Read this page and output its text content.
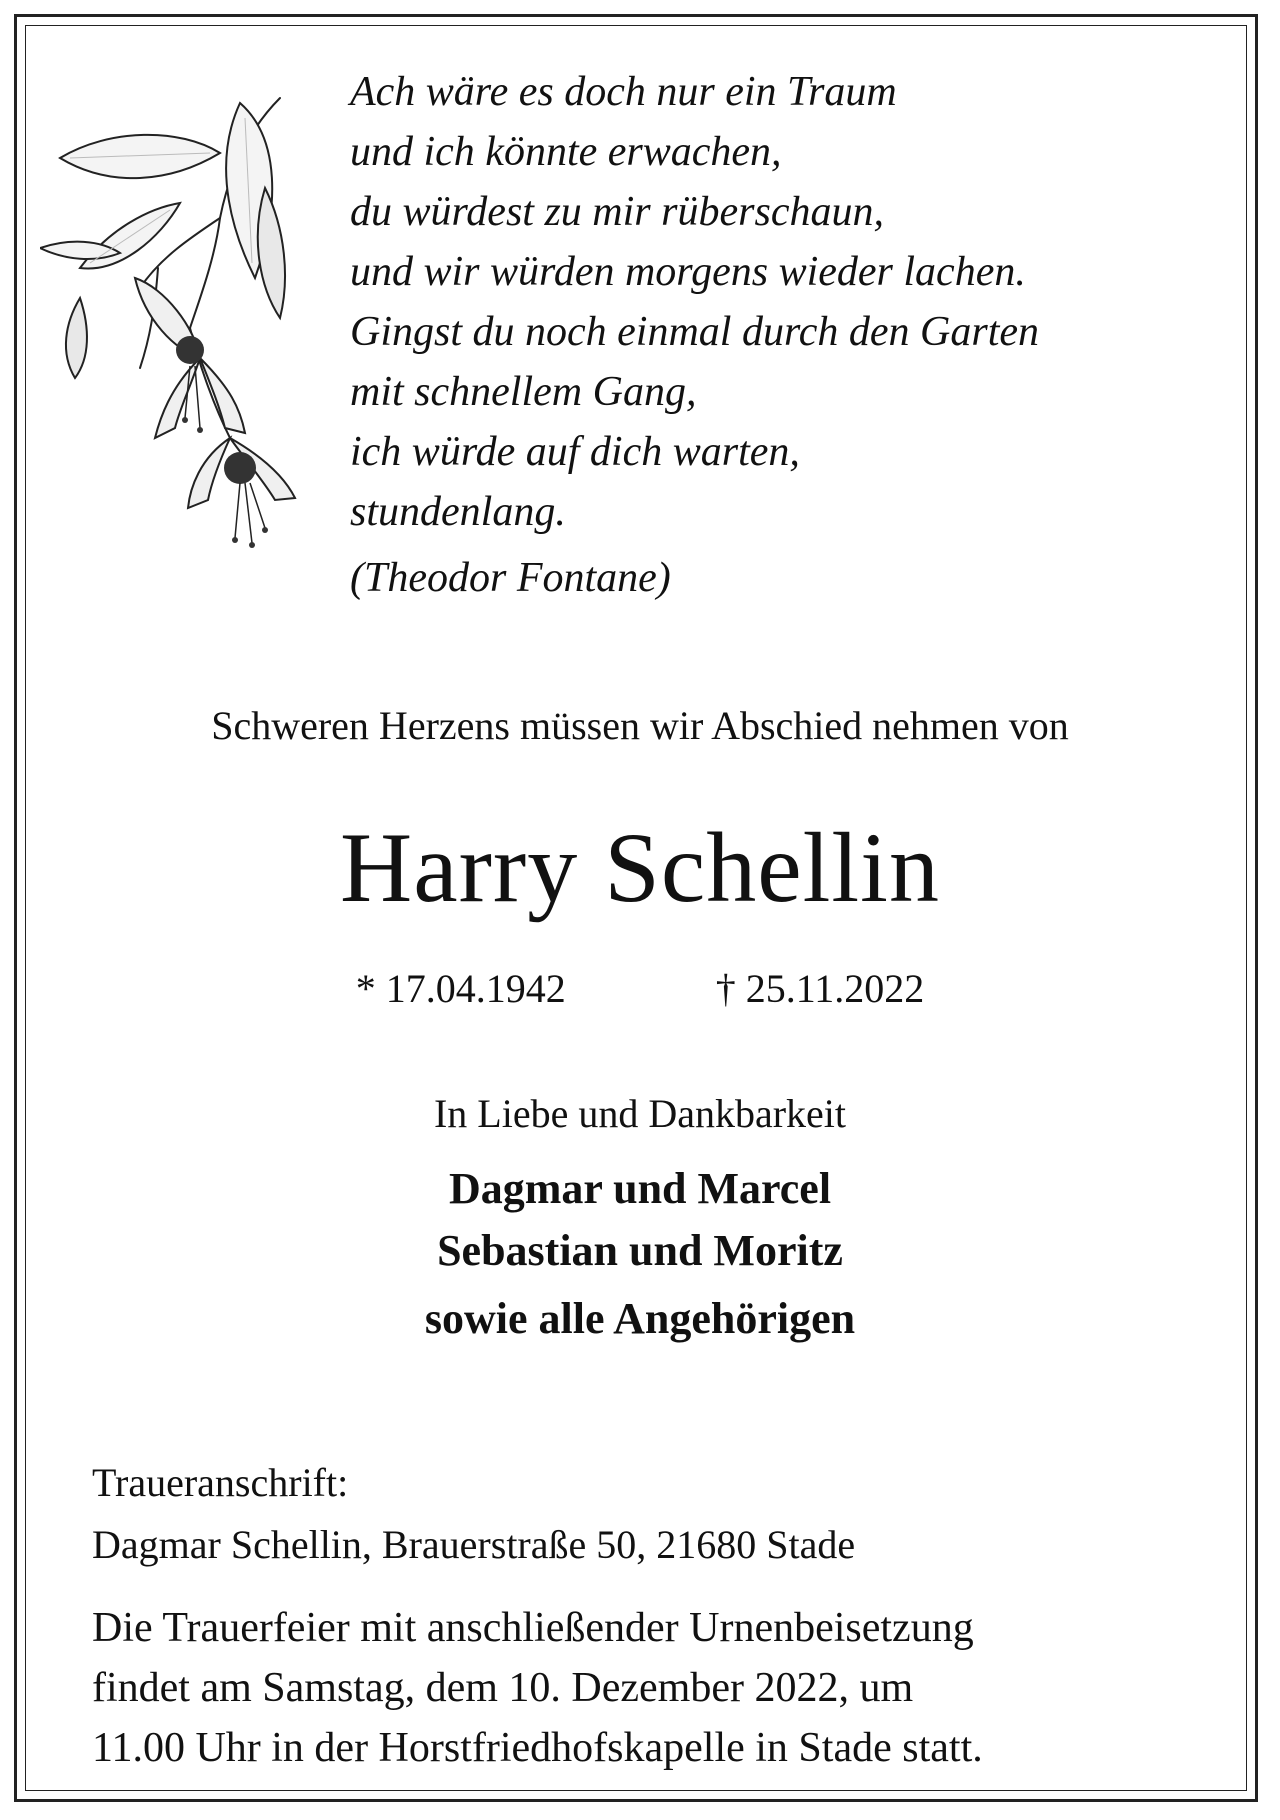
Ach wäre es doch nur ein Traum
und ich könnte erwachen,
du würdest zu mir rüberschaun,
und wir würden morgens wieder lachen.
Gingst du noch einmal durch den Garten
mit schnellem Gang,
ich würde auf dich warten,
stundenlang.
(Theodor Fontane)
Schweren Herzens müssen wir Abschied nehmen von
Harry Schellin
* 17.04.1942	† 25.11.2022
In Liebe und Dankbarkeit
Dagmar und Marcel
Sebastian und Moritz
sowie alle Angehörigen
Traueranschrift:
Dagmar Schellin, Brauerstraße 50, 21680 Stade
Die Trauerfeier mit anschließender Urnenbeisetzung
findet am Samstag, dem 10. Dezember 2022, um
11.00 Uhr in der Horstfriedhofskapelle in Stade statt.
